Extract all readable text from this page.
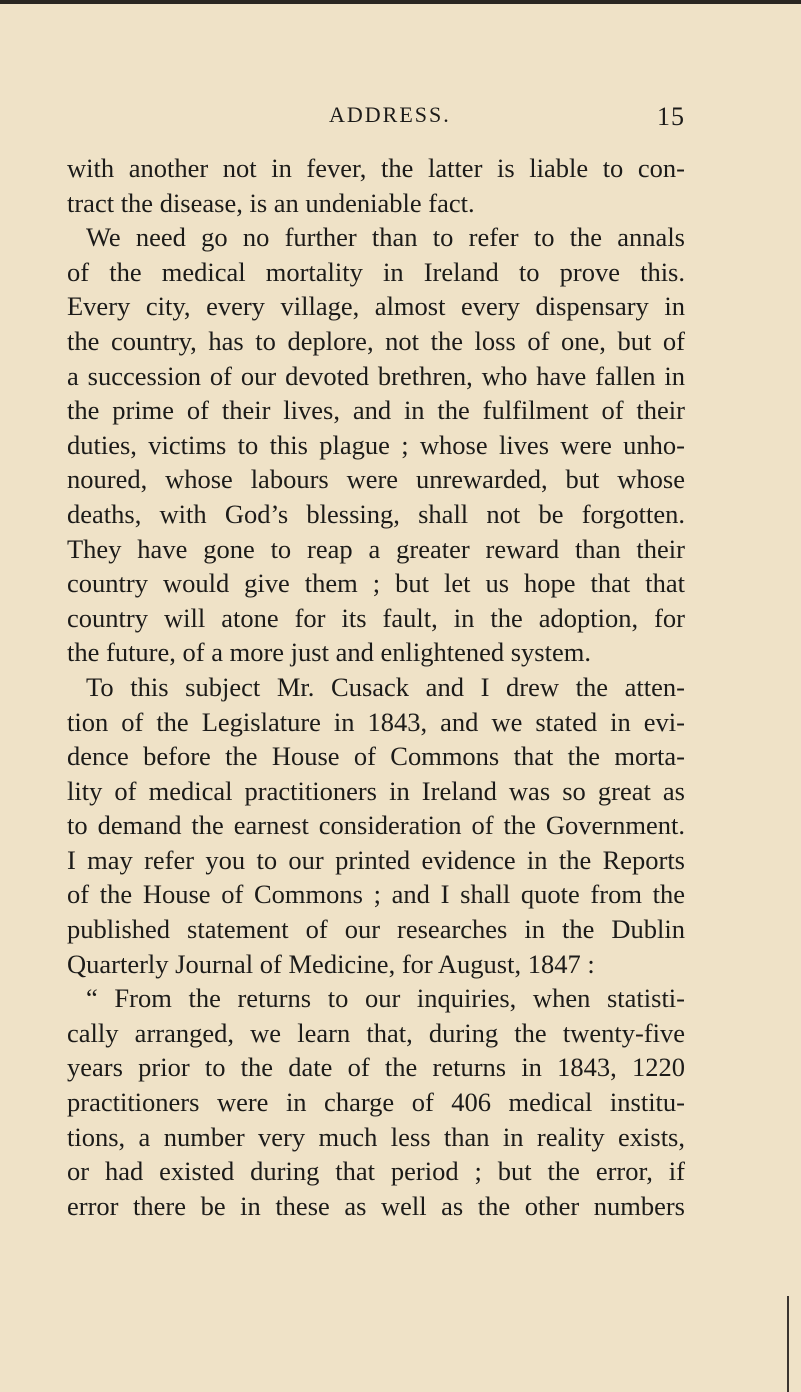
ADDRESS.	15
with another not in fever, the latter is liable to con-
tract the disease, is an undeniable fact.
We need go no further than to refer to the annals
of the medical mortality in Ireland to prove this.
Every city, every village, almost every dispensary in
the country, has to deplore, not the loss of one, but of
a succession of our devoted brethren, who have fallen in
the prime of their lives, and in the fulfilment of their
duties, victims to this plague ; whose lives were unho-
noured, whose labours were unrewarded, but whose
deaths, with God’s blessing, shall not be forgotten.
They have gone to reap a greater reward than their
country would give them ; but let us hope that that
country will atone for its fault, in the adoption, for
the future, of a more just and enlightened system.
To this subject Mr. Cusack and I drew the atten-
tion of the Legislature in 1843, and we stated in evi-
dence before the House of Commons that the morta-
lity of medical practitioners in Ireland was so great as
to demand the earnest consideration of the Government.
I may refer you to our printed evidence in the Reports
of the House of Commons ; and I shall quote from the
published statement of our researches in the Dublin
Quarterly Journal of Medicine, for August, 1847 :
“ From the returns to our inquiries, when statisti-
cally arranged, we learn that, during the twenty-five
years prior to the date of the returns in 1843, 1220
practitioners were in charge of 406 medical institu-
tions, a number very much less than in reality exists,
or had existed during that period ; but the error, if
error there be in these as well as the other numbers
